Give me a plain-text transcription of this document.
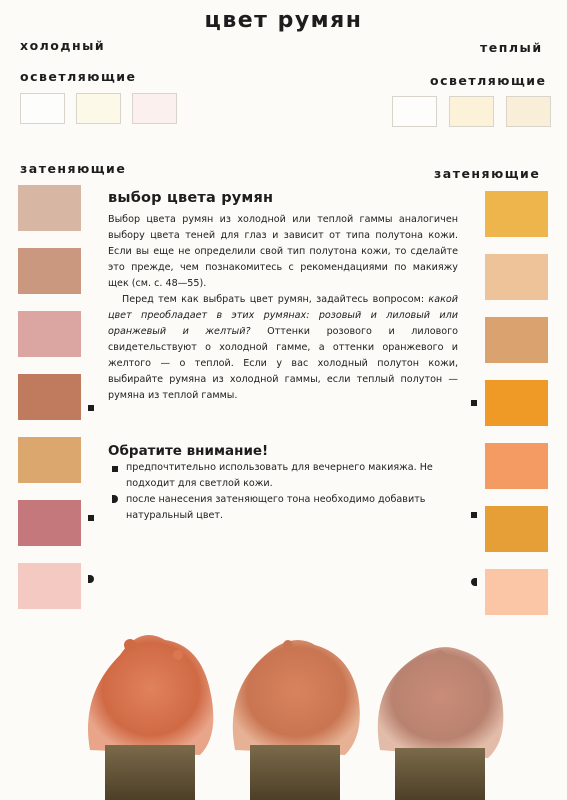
цвет румян
холодный	теплый
осветляющие	осветляющие
затеняющие	затеняющие
выбор цвета румян

Выбор цвета румян из холодной или теплой гаммы аналогичен выбору цвета теней для глаз и зависит от типа полутона кожи. Если вы еще не определили свой тип полутона кожи, то сделайте это прежде, чем познакомитесь с рекомендациями по макияжу щек (см. с. 48—55).

Перед тем как выбрать цвет румян, задайтесь вопросом: какой цвет преобладает в этих румянах: розовый и лиловый или оранжевый и желтый? Оттенки розового и лилового свидетельствуют о холодной гамме, а оттенки оранжевого и желтого — о теплой. Если у вас холодный полутон кожи, выбирайте румяна из холодной гаммы, если теплый полутон — румяна из теплой гаммы.

Обратите внимание!
предпочтительно использовать для вечернего макияжа. Не подходит для светлой кожи.
после нанесения затеняющего тона необходимо добавить натуральный цвет.
